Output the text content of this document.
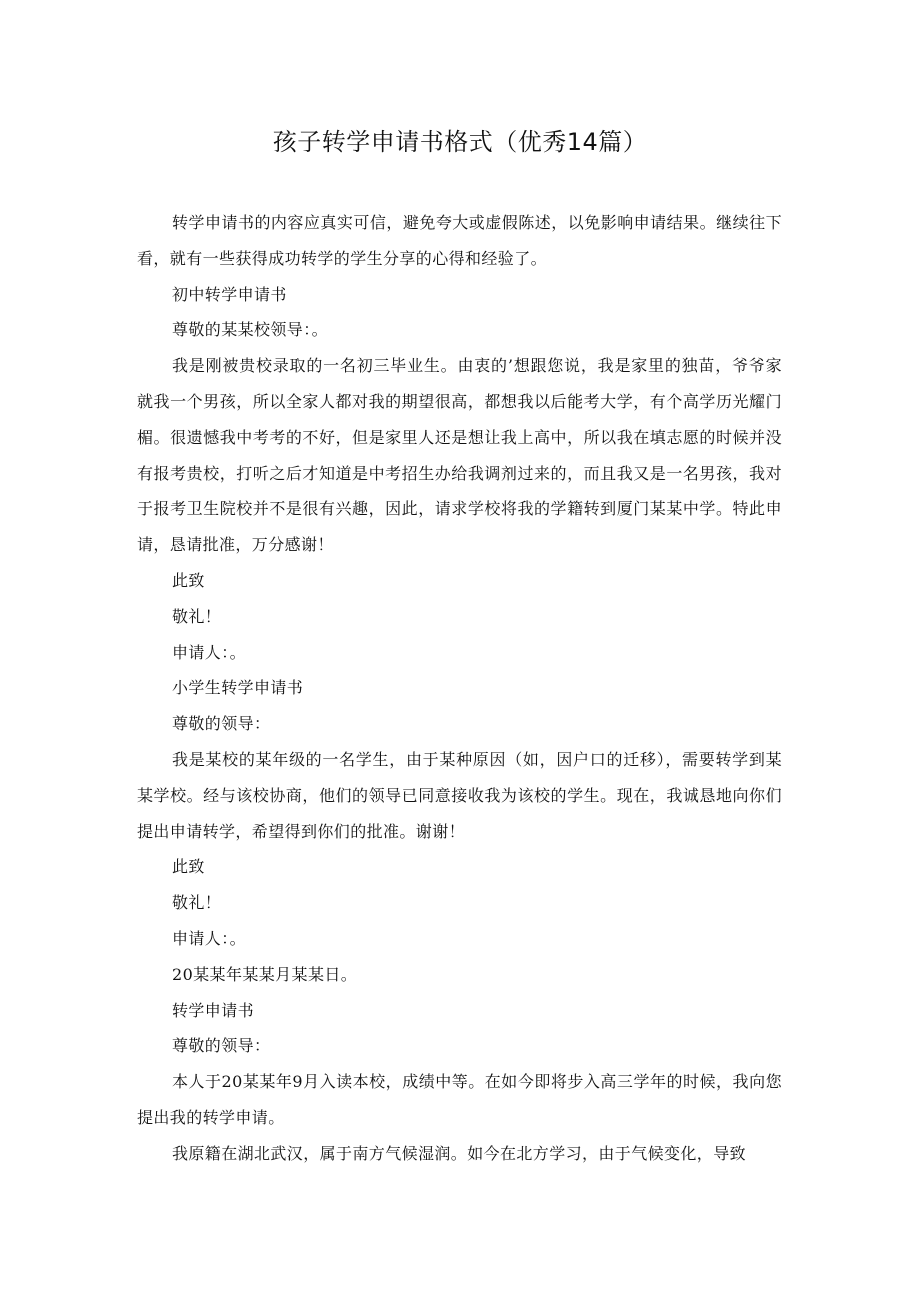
孩子转学申请书格式（优秀14篇）

转学申请书的内容应真实可信，避免夸大或虚假陈述，以免影响申请结果。继续往下看，就有一些获得成功转学的学生分享的心得和经验了。

初中转学申请书

尊敬的某某校领导：。

我是刚被贵校录取的一名初三毕业生。由衷的’想跟您说，我是家里的独苗，爷爷家就我一个男孩，所以全家人都对我的期望很高，都想我以后能考大学，有个高学历光耀门楣。很遗憾我中考考的不好，但是家里人还是想让我上高中，所以我在填志愿的时候并没有报考贵校，打听之后才知道是中考招生办给我调剂过来的，而且我又是一名男孩，我对于报考卫生院校并不是很有兴趣，因此，请求学校将我的学籍转到厦门某某中学。特此申请，恳请批准，万分感谢！

此致

敬礼！

申请人：。

小学生转学申请书

尊敬的领导：

我是某校的某年级的一名学生，由于某种原因（如，因户口的迁移），需要转学到某某学校。经与该校协商，他们的领导已同意接收我为该校的学生。现在，我诚恳地向你们提出申请转学，希望得到你们的批准。谢谢！

此致

敬礼！

申请人：。

20某某年某某月某某日。

转学申请书

尊敬的领导：

本人于20某某年9月入读本校，成绩中等。在如今即将步入高三学年的时候，我向您提出我的转学申请。

我原籍在湖北武汉，属于南方气候湿润。如今在北方学习，由于气候变化，导致
